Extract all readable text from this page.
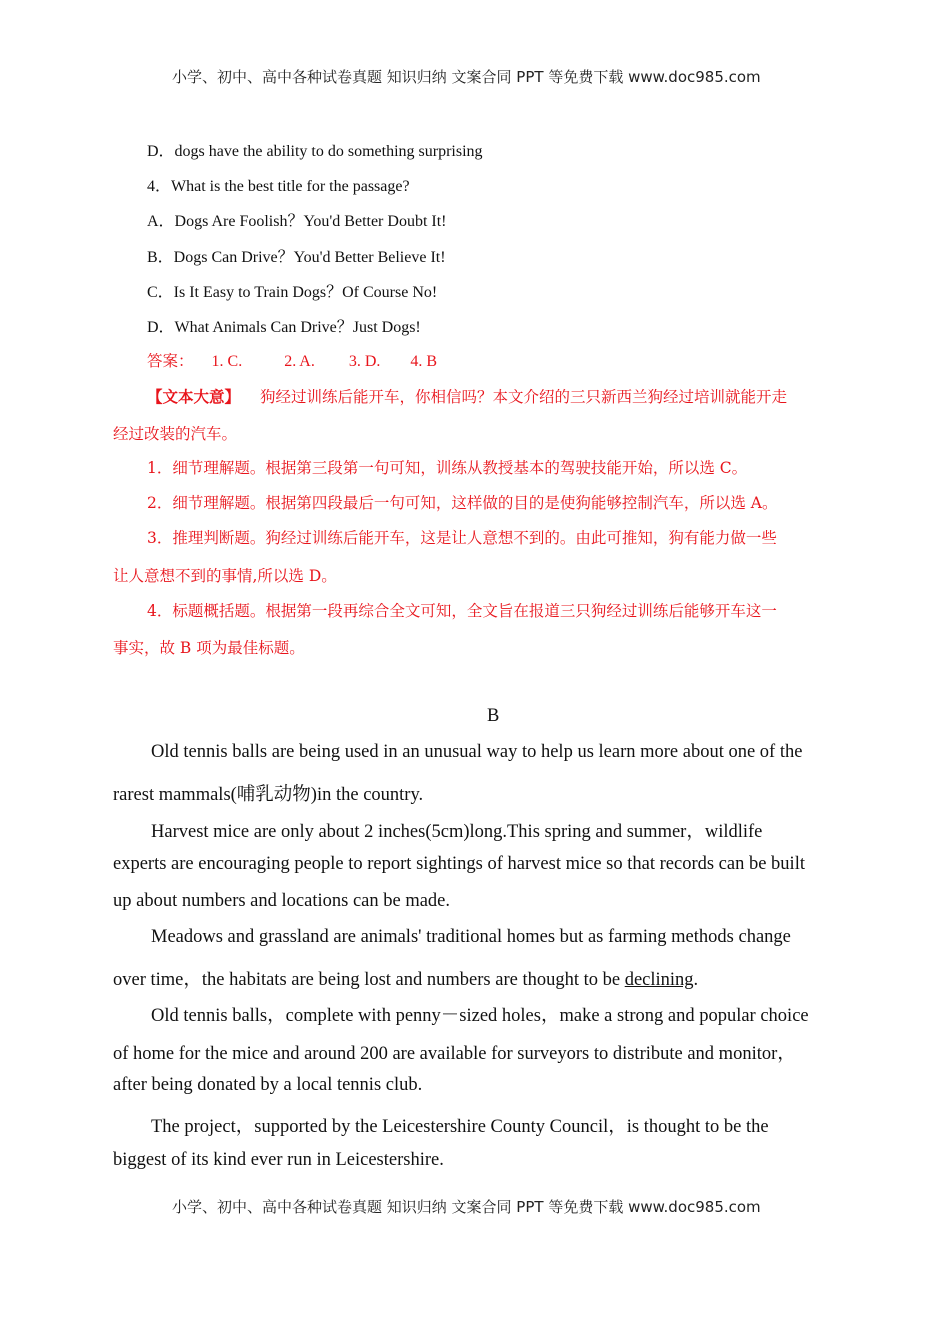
小学、初中、高中各种试卷真题 知识归纳 文案合同 PPT 等免费下载 www.doc985.com
D．dogs have the ability to do something surprising
4．What is the best title for the passage?
A．Dogs Are Foolish？You'd Better Doubt It!
B．Dogs Can Drive？You'd Better Believe It!
C．Is It Easy to Train Dogs？Of Course No!
D．What Animals Can Drive？Just Dogs!
答案： 1. C.	2. A. 3. D. 4. B
【文本大意】 狗经过训练后能开车，你相信吗？本文介绍的三只新西兰狗经过培训就能开走
经过改装的汽车。
1．细节理解题。根据第三段第一句可知，训练从教授基本的驾驶技能开始，所以选 C。
2．细节理解题。根据第四段最后一句可知，这样做的目的是使狗能够控制汽车，所以选 A。
3．推理判断题。狗经过训练后能开车，这是让人意想不到的。由此可推知，狗有能力做一些
让人意想不到的事情,所以选 D。
4．标题概括题。根据第一段再综合全文可知，全文旨在报道三只狗经过训练后能够开车这一
事实，故 B 项为最佳标题。
B
Old tennis balls are being used in an unusual way to help us learn more about one of the
rarest mammals(哺乳动物)in the country.
Harvest mice are only about 2 inches(5cm)long.This spring and summer，wildlife
experts are encouraging people to report sightings of harvest mice so that records can be built
up about numbers and locations can be made.
Meadows and grassland are animals' traditional homes but as farming methods change
over time，the habitats are being lost and numbers are thought to be declining.
Old tennis balls，complete with penny－sized holes，make a strong and popular choice
of home for the mice and around 200 are available for surveyors to distribute and monitor，
after being donated by a local tennis club.
The project，supported by the Leicestershire County Council，is thought to be the
biggest of its kind ever run in Leicestershire.
小学、初中、高中各种试卷真题 知识归纳 文案合同 PPT 等免费下载 www.doc985.com
